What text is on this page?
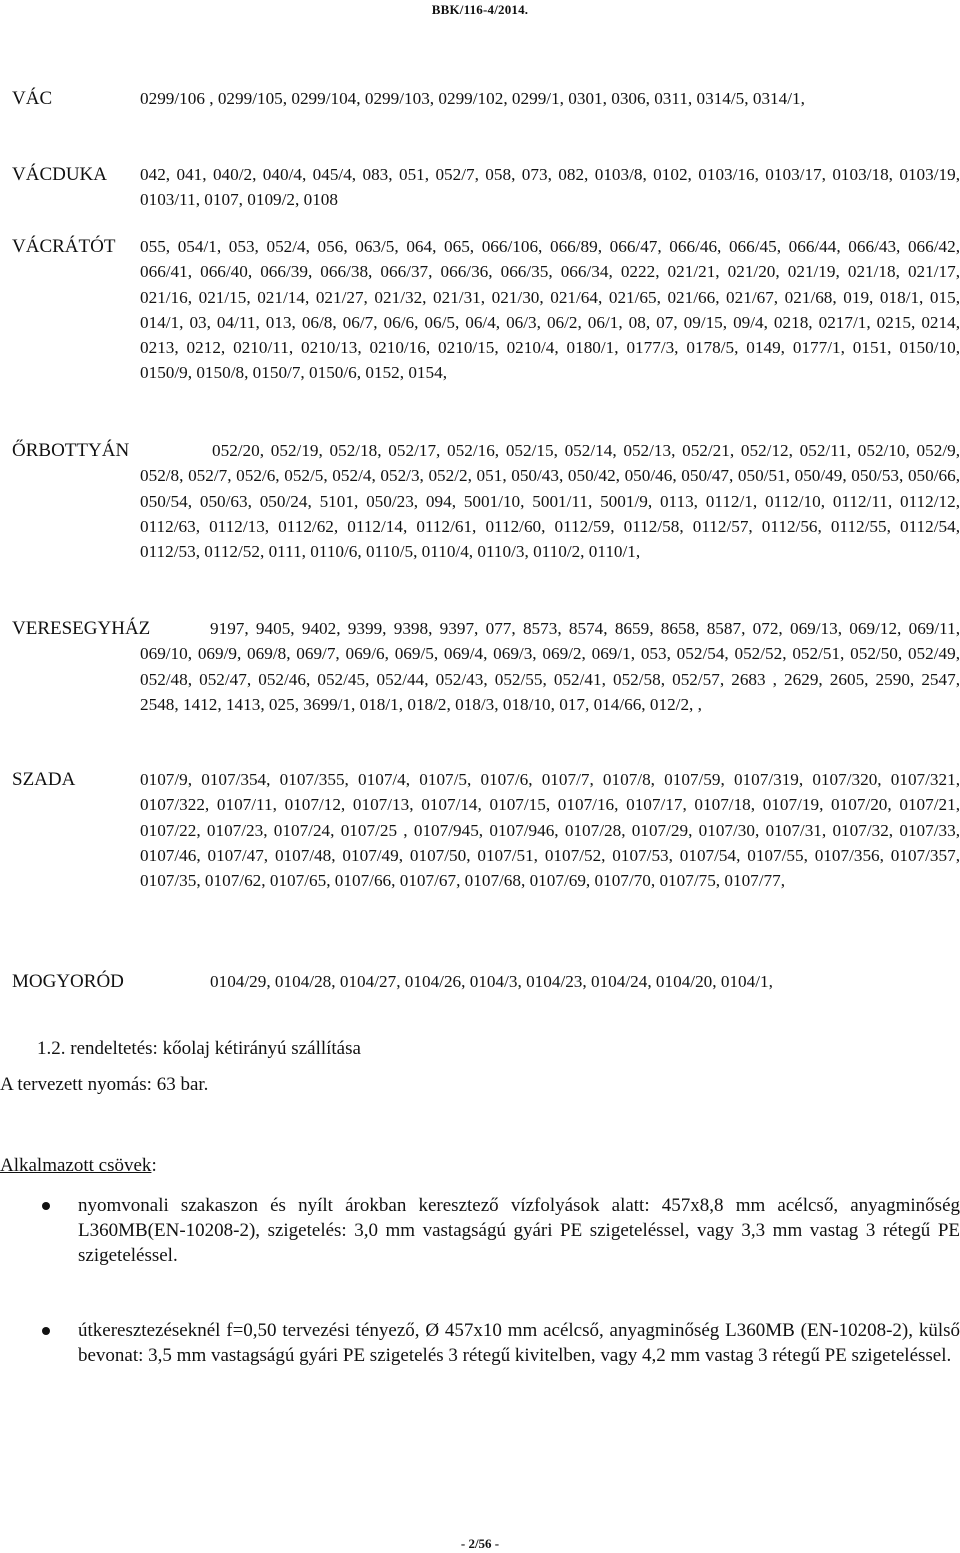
BBK/116-4/2014.
VÁC	0299/106 , 0299/105, 0299/104, 0299/103, 0299/102, 0299/1, 0301, 0306, 0311, 0314/5, 0314/1,
VÁCDUKA 042, 041, 040/2, 040/4, 045/4, 083, 051, 052/7, 058, 073, 082, 0103/8, 0102, 0103/16, 0103/17, 0103/18, 0103/19, 0103/11, 0107, 0109/2, 0108
VÁCRÁTÓT 055, 054/1, 053, 052/4, 056, 063/5, 064, 065, 066/106, 066/89, 066/47, 066/46, 066/45, 066/44, 066/43, 066/42, 066/41, 066/40, 066/39, 066/38, 066/37, 066/36, 066/35, 066/34, 0222, 021/21, 021/20, 021/19, 021/18, 021/17, 021/16, 021/15, 021/14, 021/27, 021/32, 021/31, 021/30, 021/64, 021/65, 021/66, 021/67, 021/68, 019, 018/1, 015, 014/1, 03, 04/11, 013, 06/8, 06/7, 06/6, 06/5, 06/4, 06/3, 06/2, 06/1, 08, 07, 09/15, 09/4, 0218, 0217/1, 0215, 0214, 0213, 0212, 0210/11, 0210/13, 0210/16, 0210/15, 0210/4, 0180/1, 0177/3, 0178/5, 0149, 0177/1, 0151, 0150/10, 0150/9, 0150/8, 0150/7, 0150/6, 0152, 0154,
ŐRBOTTYÁN	052/20, 052/19, 052/18, 052/17, 052/16, 052/15, 052/14, 052/13, 052/21, 052/12, 052/11, 052/10, 052/9, 052/8, 052/7, 052/6, 052/5, 052/4, 052/3, 052/2, 051, 050/43, 050/42, 050/46, 050/47, 050/51, 050/49, 050/53, 050/66, 050/54, 050/63, 050/24, 5101, 050/23, 094, 5001/10, 5001/11, 5001/9, 0113, 0112/1, 0112/10, 0112/11, 0112/12, 0112/63, 0112/13, 0112/62, 0112/14, 0112/61, 0112/60, 0112/59, 0112/58, 0112/57, 0112/56, 0112/55, 0112/54, 0112/53, 0112/52, 0111, 0110/6, 0110/5, 0110/4, 0110/3, 0110/2, 0110/1,
VERESEGYHÁZ	9197, 9405, 9402, 9399, 9398, 9397, 077, 8573, 8574, 8659, 8658, 8587, 072, 069/13, 069/12, 069/11, 069/10, 069/9, 069/8, 069/7, 069/6, 069/5, 069/4, 069/3, 069/2, 069/1, 053, 052/54, 052/52, 052/51, 052/50, 052/49, 052/48, 052/47, 052/46, 052/45, 052/44, 052/43, 052/55, 052/41, 052/58, 052/57, 2683 , 2629, 2605, 2590, 2547, 2548, 1412, 1413, 025, 3699/1, 018/1, 018/2, 018/3, 018/10, 017, 014/66, 012/2, ,
SZADA	0107/9, 0107/354, 0107/355, 0107/4, 0107/5, 0107/6, 0107/7, 0107/8, 0107/59, 0107/319, 0107/320, 0107/321, 0107/322, 0107/11, 0107/12, 0107/13, 0107/14, 0107/15, 0107/16, 0107/17, 0107/18, 0107/19, 0107/20, 0107/21, 0107/22, 0107/23, 0107/24, 0107/25 , 0107/945, 0107/946, 0107/28, 0107/29, 0107/30, 0107/31, 0107/32, 0107/33, 0107/46, 0107/47, 0107/48, 0107/49, 0107/50, 0107/51, 0107/52, 0107/53, 0107/54, 0107/55, 0107/356, 0107/357, 0107/35, 0107/62, 0107/65, 0107/66, 0107/67, 0107/68, 0107/69, 0107/70, 0107/75, 0107/77,
MOGYORÓD	0104/29, 0104/28, 0104/27, 0104/26, 0104/3, 0104/23, 0104/24, 0104/20, 0104/1,
1.2. rendeltetés: kőolaj kétirányú szállítása
A tervezett nyomás: 63 bar.
Alkalmazott csövek:
nyomvonali szakaszon és nyílt árokban keresztező vízfolyások alatt: 457x8,8 mm acélcső, anyagminőség L360MB(EN-10208-2), szigetelés: 3,0 mm vastagságú gyári PE szigeteléssel, vagy 3,3 mm vastag 3 rétegű PE szigeteléssel.
útkeresztezéseknél f=0,50 tervezési tényező, Ø 457x10 mm acélcső, anyagminőség L360MB (EN-10208-2), külső bevonat: 3,5 mm vastagságú gyári PE szigetelés 3 rétegű kivitelben, vagy 4,2 mm vastag 3 rétegű PE szigeteléssel.
- 2/56 -
